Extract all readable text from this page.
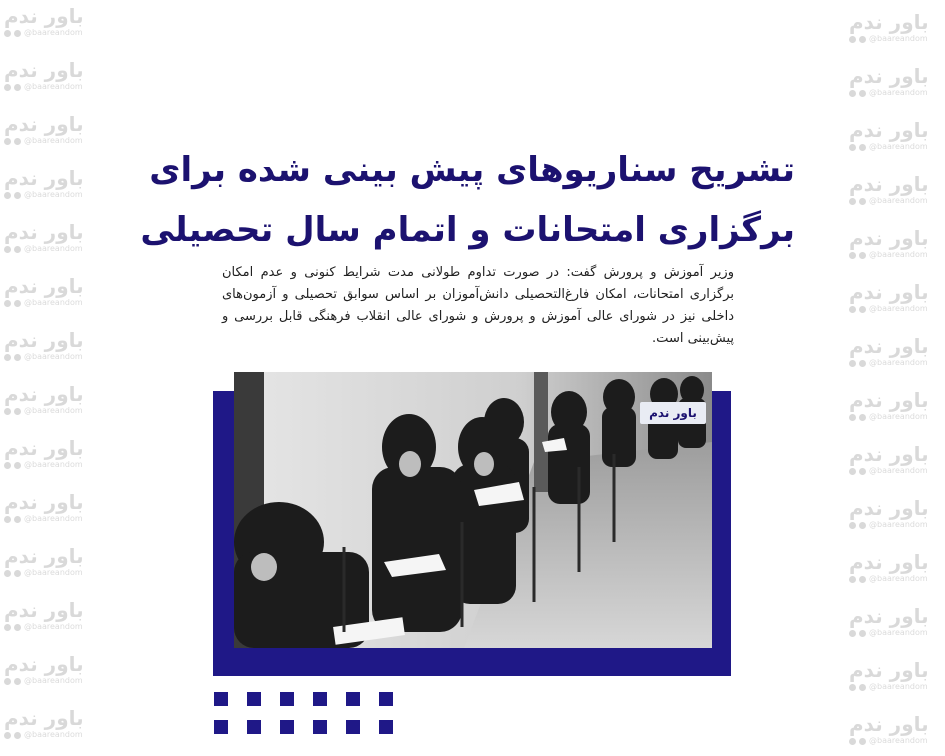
باور ندم
@baareandom
باور ندم
@baareandom
باور ندم
@baareandom
باور ندم
@baareandom
باور ندم
@baareandom
باور ندم
@baareandom
باور ندم
@baareandom
باور ندم
@baareandom
باور ندم
@baareandom
باور ندم
@baareandom
باور ندم
@baareandom
باور ندم
@baareandom
باور ندم
@baareandom
باور ندم
@baareandom
باور ندم
@baareandom
باور ندم
@baareandom
باور ندم
@baareandom
باور ندم
@baareandom
باور ندم
@baareandom
باور ندم
@baareandom
باور ندم
@baareandom
باور ندم
@baareandom
باور ندم
@baareandom
باور ندم
@baareandom
باور ندم
@baareandom
باور ندم
@baareandom
باور ندم
@baareandom
باور ندم
@baareandom
تشریح سناریوهای پیش بینی شده برای
برگزاری امتحانات و اتمام سال تحصیلی

وزیر آموزش و پرورش گفت: در صورت تداوم طولانی مدت شرایط کنونی و عدم امکان برگزاری امتحانات، امکان فارغ‌التحصیلی دانش‌آموزان بر اساس سوابق تحصیلی و آزمون‌های داخلی نیز در شورای عالی آموزش و پرورش و شورای عالی انقلاب فرهنگی قابل بررسی و پیش‌بینی است.

باور ندم
